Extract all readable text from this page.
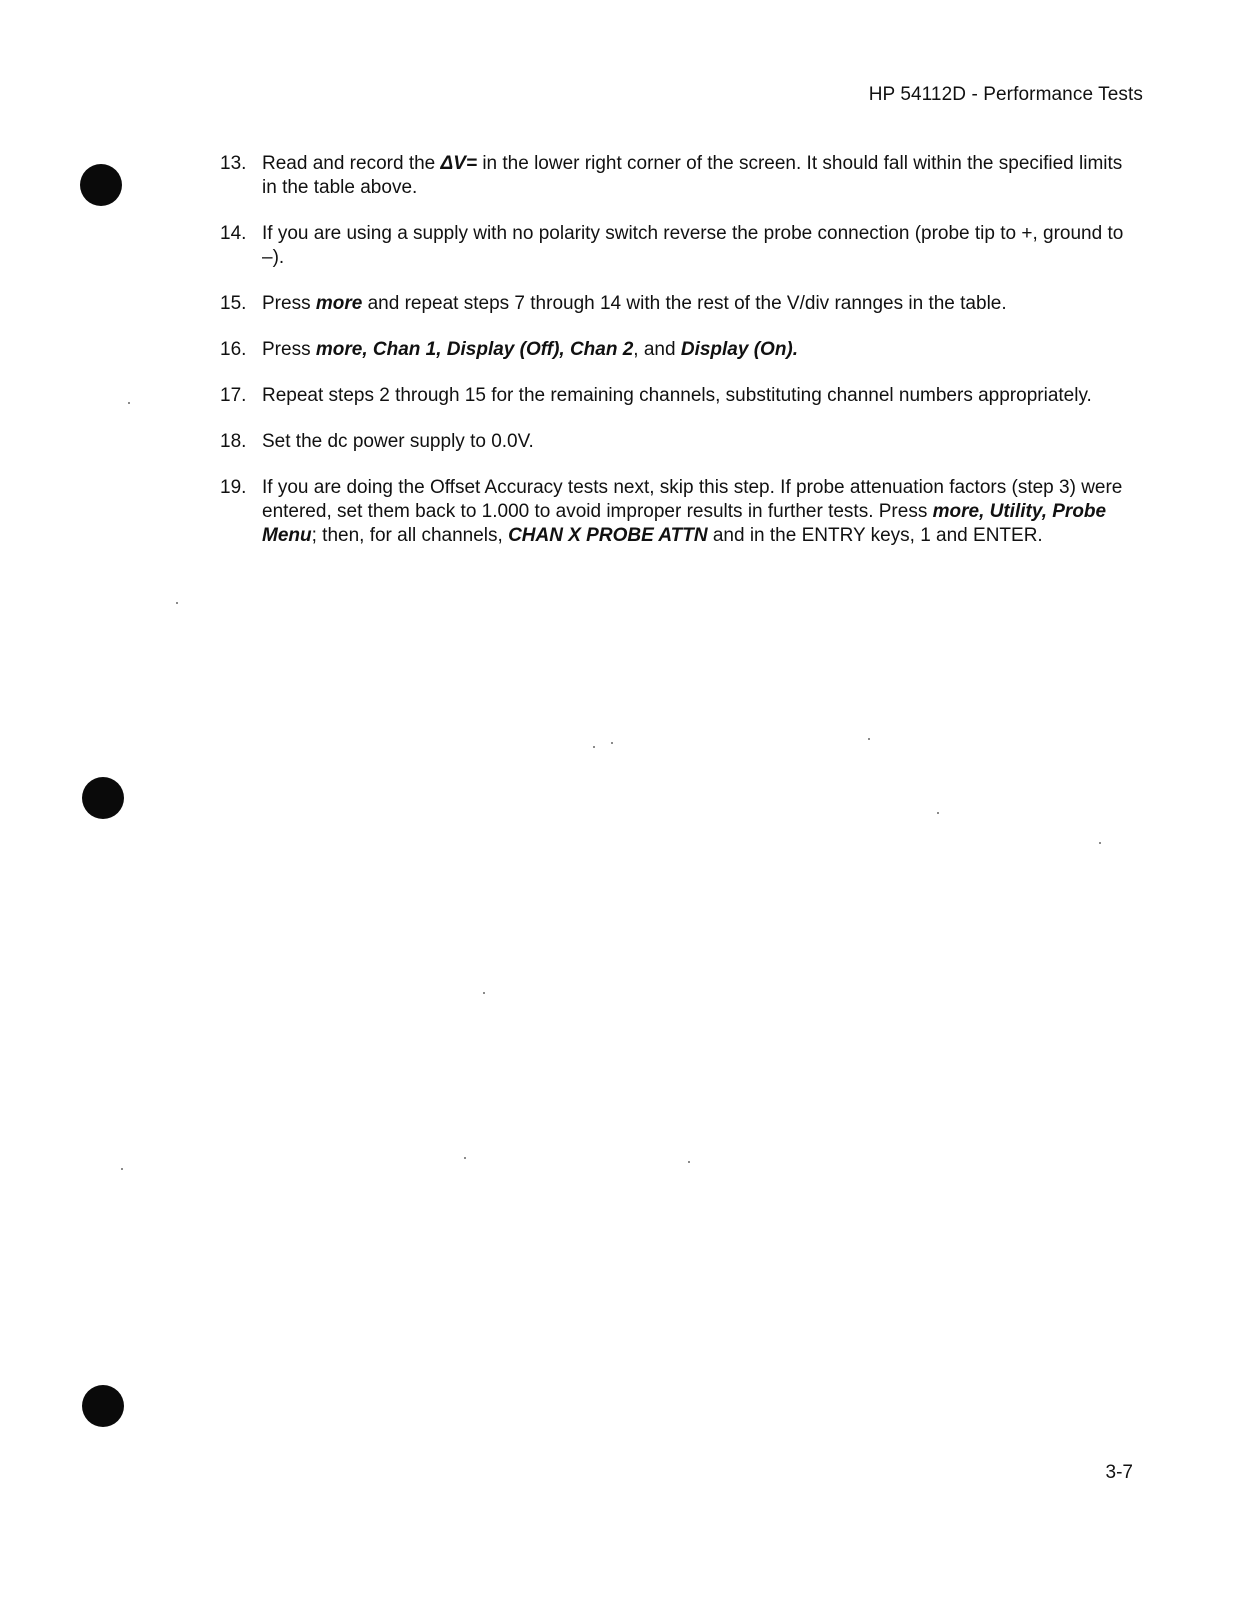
HP 54112D - Performance Tests
13. Read and record the ΔV= in the lower right corner of the screen. It should fall within the specified limits in the table above.
14. If you are using a supply with no polarity switch reverse the probe connection (probe tip to +, ground to –).
15. Press more and repeat steps 7 through 14 with the rest of the V/div rannges in the table.
16. Press more, Chan 1, Display (Off), Chan 2, and Display (On).
17. Repeat steps 2 through 15 for the remaining channels, substituting channel numbers appropriately.
18. Set the dc power supply to 0.0V.
19. If you are doing the Offset Accuracy tests next, skip this step. If probe attenuation factors (step 3) were entered, set them back to 1.000 to avoid improper results in further tests. Press more, Utility, Probe Menu; then, for all channels, CHAN X PROBE ATTN and in the ENTRY keys, 1 and ENTER.
3-7
